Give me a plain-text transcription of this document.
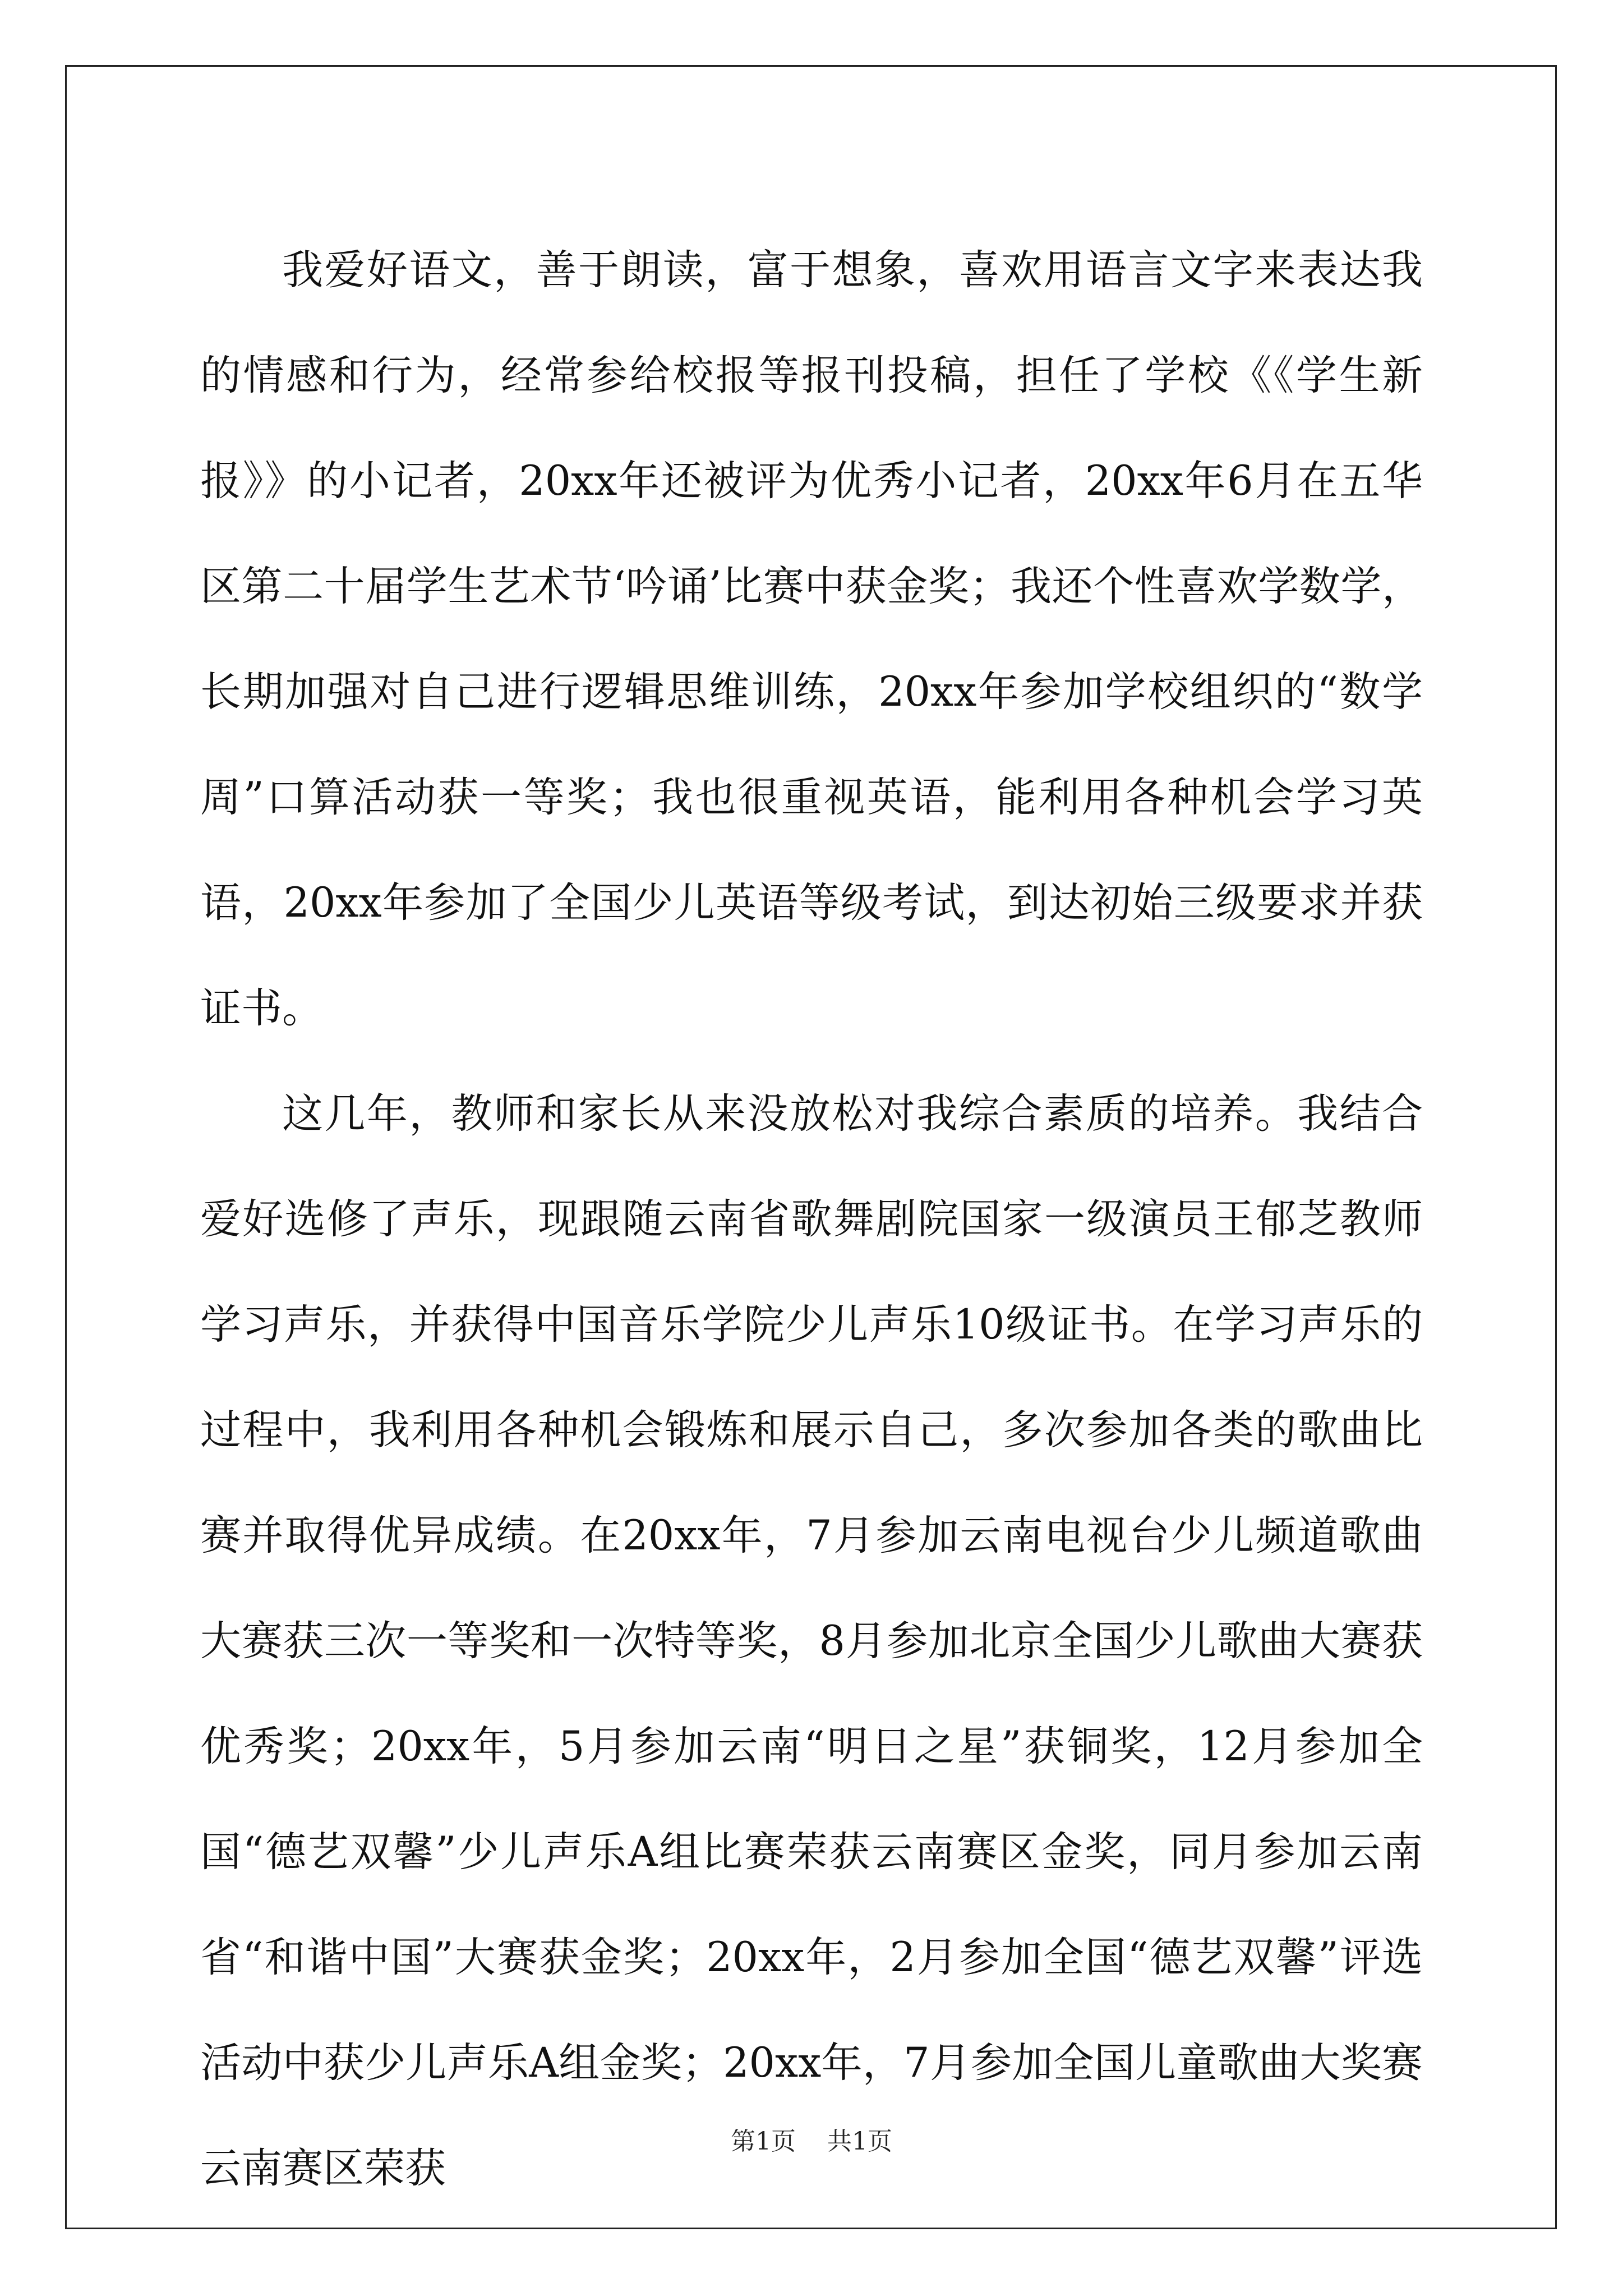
我爱好语文，善于朗读，富于想象，喜欢用语言文字来表达我的情感和行为，经常参给校报等报刊投稿，担任了学校《《学生新报》》的小记者，20xx年还被评为优秀小记者，20xx年6月在五华区第二十届学生艺术节‘吟诵’比赛中获金奖；我还个性喜欢学数学，长期加强对自己进行逻辑思维训练，20xx年参加学校组织的“数学周”口算活动获一等奖；我也很重视英语，能利用各种机会学习英语，20xx年参加了全国少儿英语等级考试，到达初始三级要求并获证书。

这几年，教师和家长从来没放松对我综合素质的培养。我结合爱好选修了声乐，现跟随云南省歌舞剧院国家一级演员王郁芝教师学习声乐，并获得中国音乐学院少儿声乐10级证书。在学习声乐的过程中，我利用各种机会锻炼和展示自己，多次参加各类的歌曲比赛并取得优异成绩。在20xx年，7月参加云南电视台少儿频道歌曲大赛获三次一等奖和一次特等奖，8月参加北京全国少儿歌曲大赛获优秀奖；20xx年，5月参加云南“明日之星”获铜奖，12月参加全国“德艺双馨”少儿声乐A组比赛荣获云南赛区金奖，同月参加云南省“和谐中国”大赛获金奖；20xx年，2月参加全国“德艺双馨”评选活动中获少儿声乐A组金奖；20xx年，7月参加全国儿童歌曲大奖赛云南赛区荣获

第1页 共1页
